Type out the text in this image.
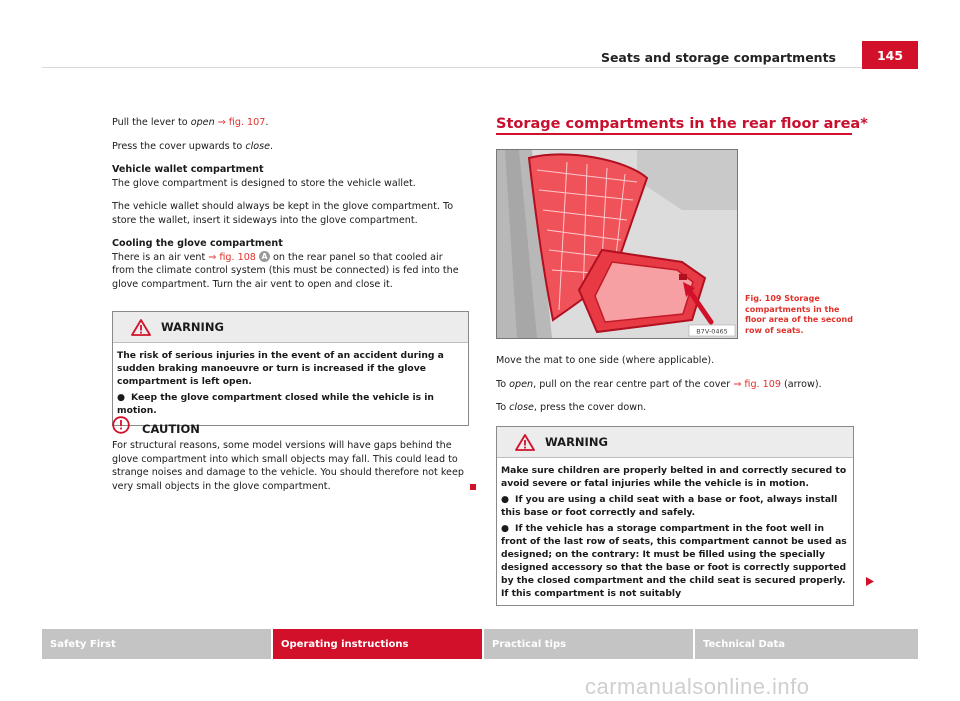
Seats and storage compartments	145

Pull the lever to open ⇒ fig. 107.

Press the cover upwards to close.

Vehicle wallet compartment

The glove compartment is designed to store the vehicle wallet.

The vehicle wallet should always be kept in the glove compartment. To store the wallet, insert it sideways into the glove compartment.

Cooling the glove compartment

There is an air vent ⇒ fig. 108 A on the rear panel so that cooled air from the climate control system (this must be connected) is fed into the glove compartment. Turn the air vent to open and close it.

WARNING

The risk of serious injuries in the event of an accident during a sudden braking manoeuvre or turn is increased if the glove compartment is left open.

● Keep the glove compartment closed while the vehicle is in motion.

CAUTION
For structural reasons, some model versions will have gaps behind the glove compartment into which small objects may fall. This could lead to strange noises and damage to the vehicle. You should therefore not keep very small objects in the glove compartment.
Storage compartments in the rear floor area*
B7V-0465
Fig. 109 Storage compartments in the floor area of the second row of seats.

Move the mat to one side (where applicable).

To open, pull on the rear centre part of the cover ⇒ fig. 109 (arrow).

To close, press the cover down.

WARNING

Make sure children are properly belted in and correctly secured to avoid severe or fatal injuries while the vehicle is in motion.

● If you are using a child seat with a base or foot, always install this base or foot correctly and safely.

● If the vehicle has a storage compartment in the foot well in front of the last row of seats, this compartment cannot be used as designed; on the contrary: It must be filled using the specially designed accessory so that the base or foot is correctly supported by the closed compartment and the child seat is secured properly. If this compartment is not suitably

Safety First	Operating instructions	Practical tips	Technical Data
carmanualsonline.info
